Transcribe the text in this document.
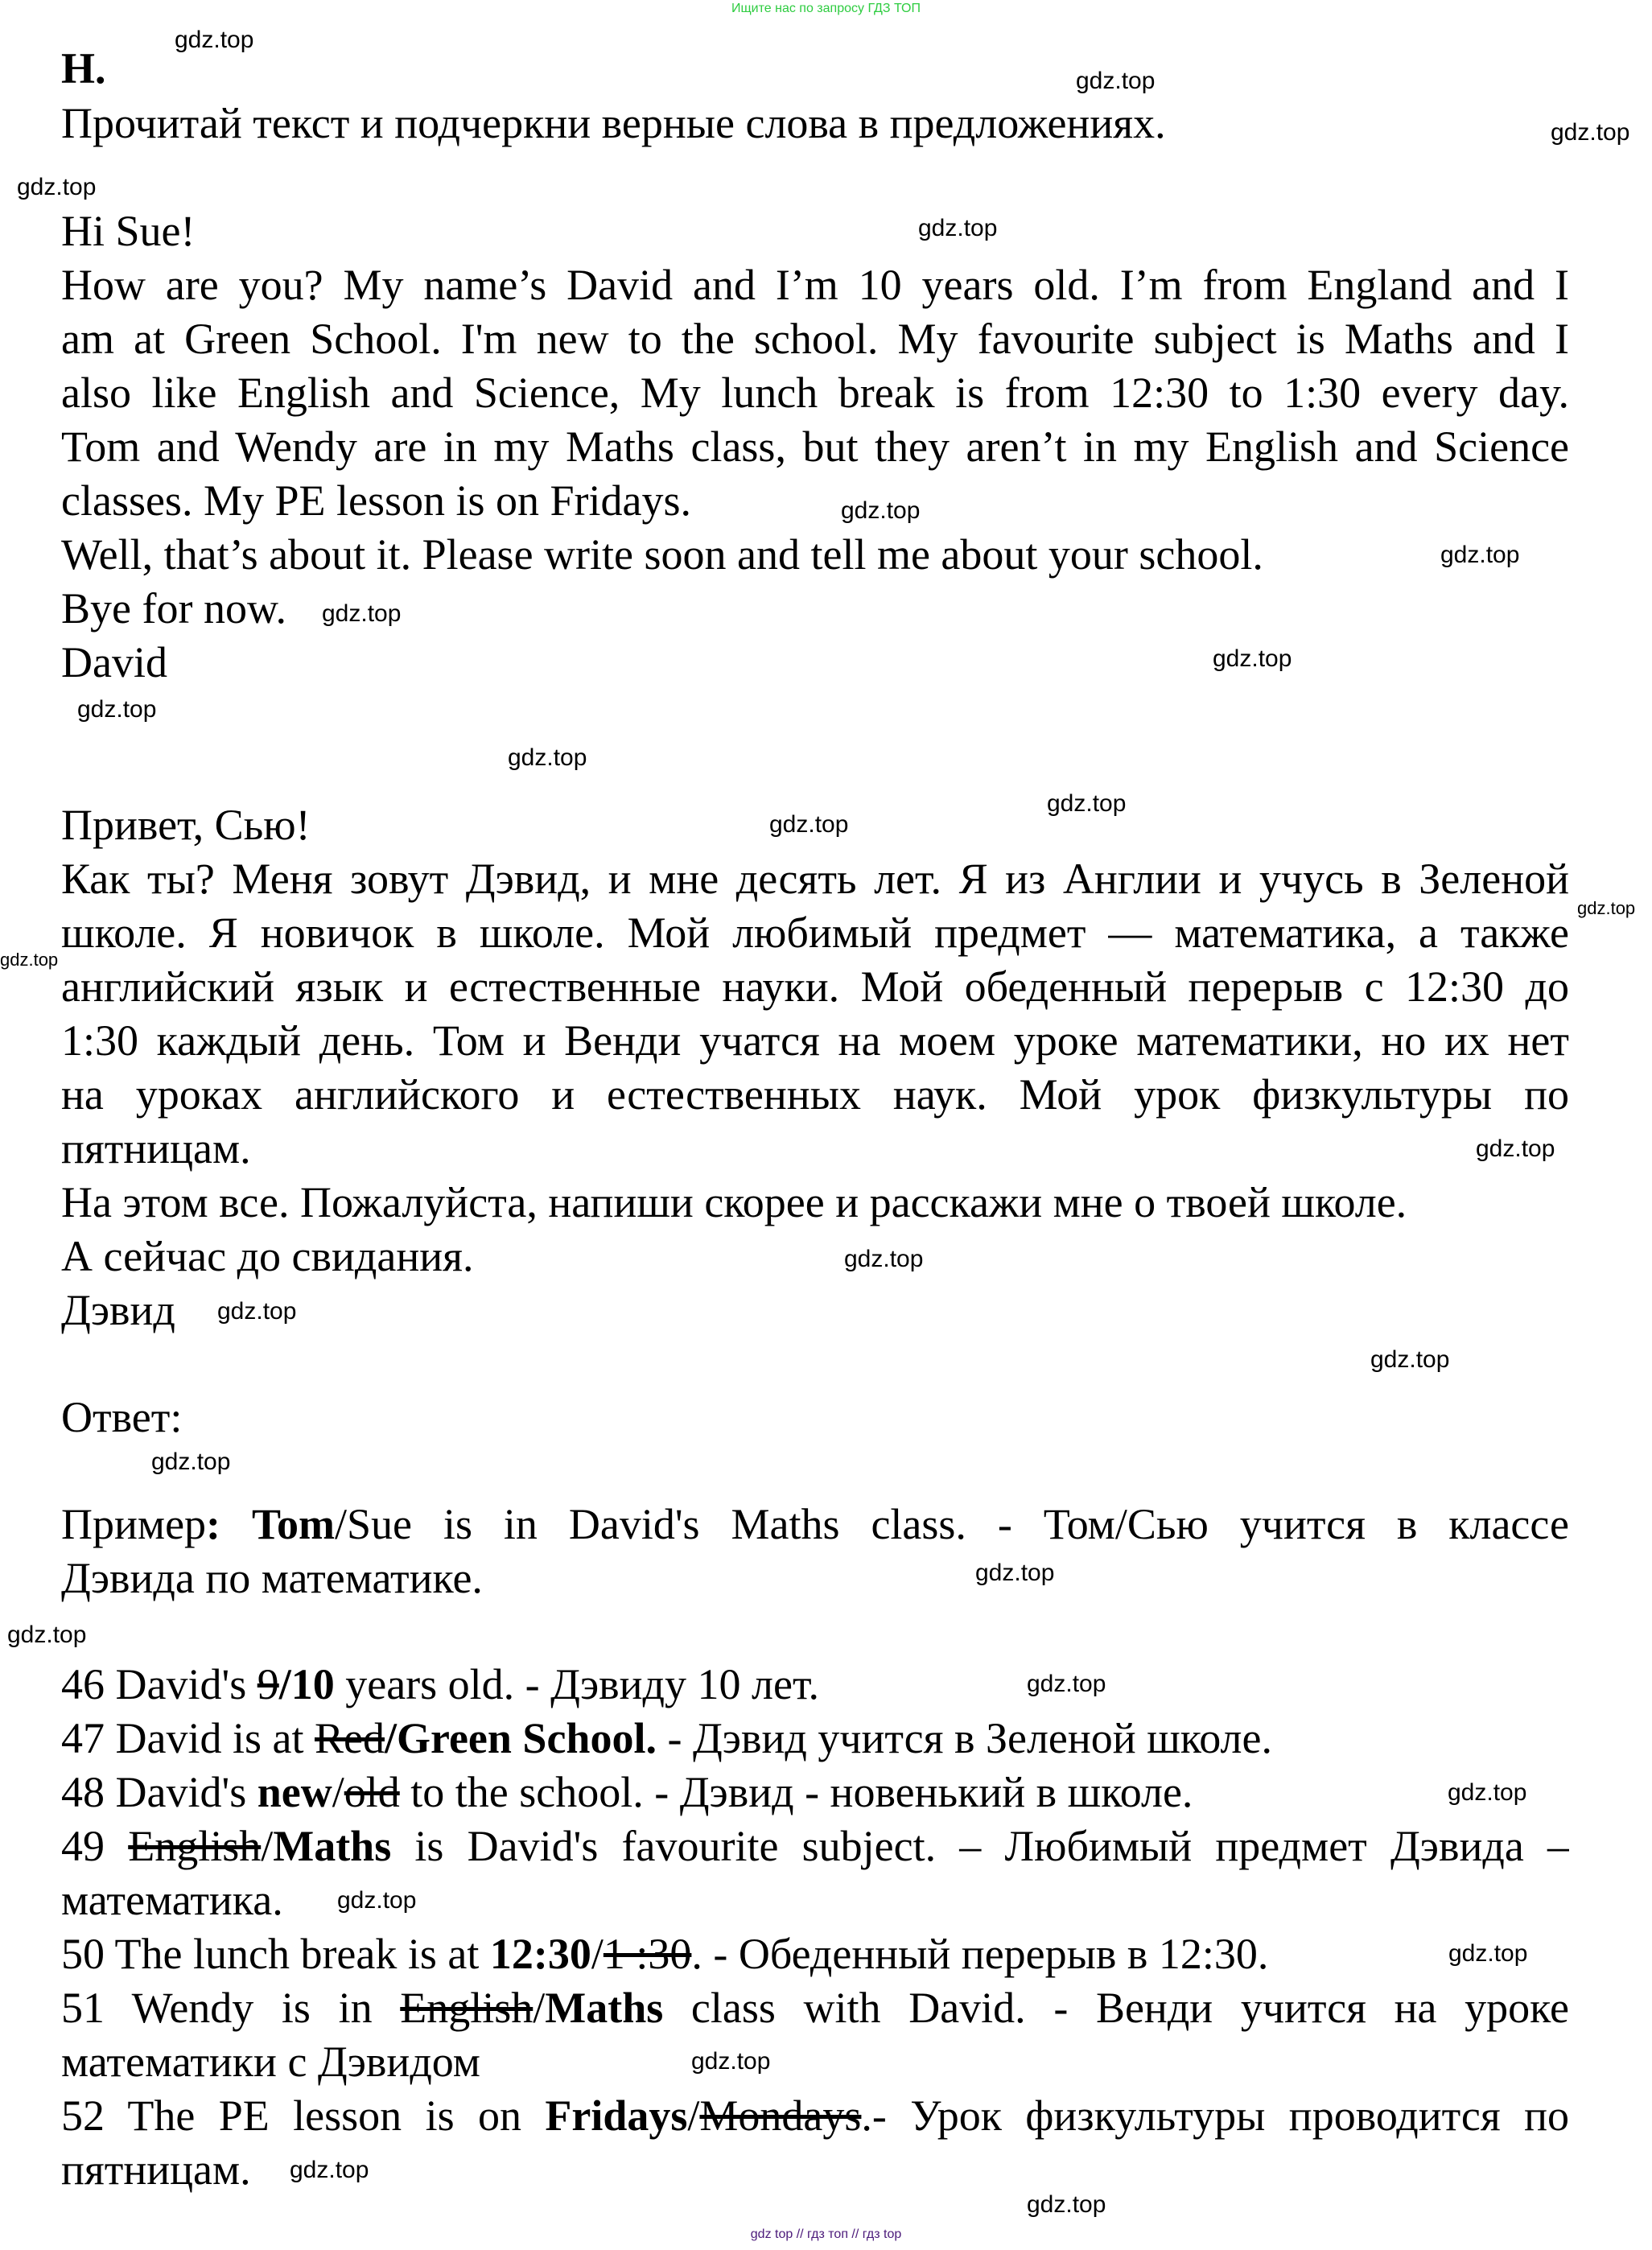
Ищите нас по запросу ГДЗ ТОП
Н.
Прочитай текст и подчеркни верные слова в предложениях.
Hi Sue!
How are you? My name’s David and I’m 10 years old. I’m from England and I
am at Green School. I'm new to the school. My favourite subject is Maths and I
also like English and Science, My lunch break is from 12:30 to 1:30 every day.
Tom and Wendy are in my Maths class, but they aren’t in my English and Science
classes. My PE lesson is on Fridays.
Well, that’s about it. Please write soon and tell me about your school.
Bye for now.
David
Привет, Сью!
Как ты? Меня зовут Дэвид, и мне десять лет. Я из Англии и учусь в Зеленой
школе. Я новичок в школе. Мой любимый предмет — математика, а также
английский язык и естественные науки. Мой обеденный перерыв с 12:30 до
1:30 каждый день. Том и Венди учатся на моем уроке математики, но их нет
на уроках английского и естественных наук. Мой урок физкультуры по
пятницам.
На этом все. Пожалуйста, напиши скорее и расскажи мне о твоей школе.
А сейчас до свидания.
Дэвид
Ответ:
Пример: Tom/Sue is in David's Maths class. - Том/Сью учится в классе
Дэвида по математике.
46 David's 9/10 years old. - Дэвиду 10 лет.
47 David is at Red/Green School. - Дэвид учится в Зеленой школе.
48 David's new/old to the school. - Дэвид - новенький в школе.
49 English/Maths is David's favourite subject. – Любимый предмет Дэвида –
математика.
50 The lunch break is at 12:30/1 :30. - Обеденный перерыв в 12:30.
51 Wendy is in English/Maths class with David. - Венди учится на уроке
математики с Дэвидом
52 The PE lesson is on Fridays/Mondays.- Урок физкультуры проводится по
пятницам.
gdz.top
gdz.top
gdz.top
gdz.top
gdz.top
gdz.top
gdz.top
gdz.top
gdz.top
gdz.top
gdz.top
gdz.top
gdz.top
gdz.top
gdz.top
gdz.top
gdz.top
gdz.top
gdz.top
gdz.top
gdz.top
gdz.top
gdz.top
gdz.top
gdz.top
gdz.top
gdz.top
gdz.top
gdz.top
gdz top // гдз топ // гдз top
